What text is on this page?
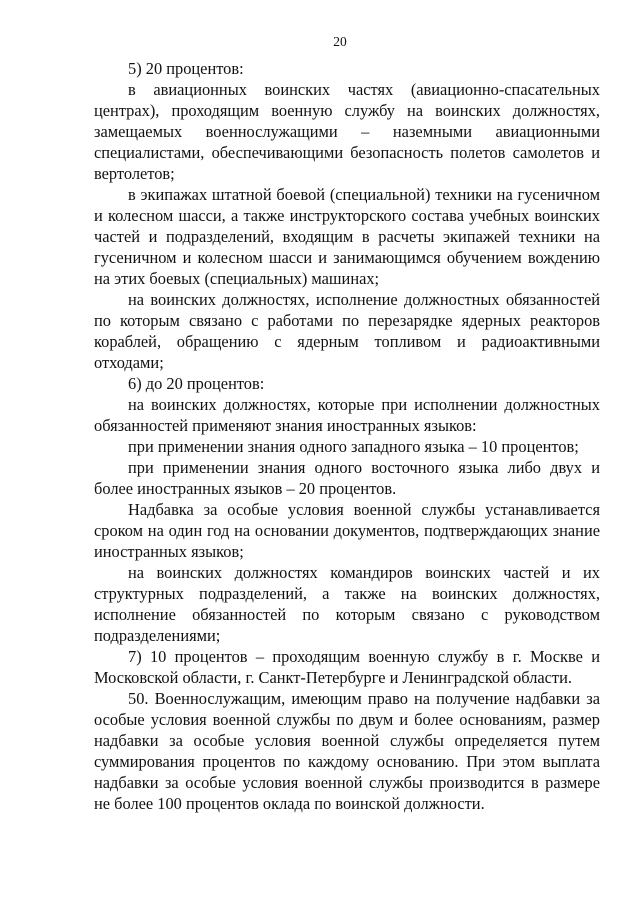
20

5) 20 процентов:

в авиационных воинских частях (авиационно-спасательных центрах), проходящим военную службу на воинских должностях, замещаемых военнослужащими – наземными авиационными специалистами, обеспечивающими безопасность полетов самолетов и вертолетов;

в экипажах штатной боевой (специальной) техники на гусеничном и колесном шасси, а также инструкторского состава учебных воинских частей и подразделений, входящим в расчеты экипажей техники на гусеничном и колесном шасси и занимающимся обучением вождению на этих боевых (специальных) машинах;

на воинских должностях, исполнение должностных обязанностей по которым связано с работами по перезарядке ядерных реакторов кораблей, обращению с ядерным топливом и радиоактивными отходами;

6) до 20 процентов:

на воинских должностях, которые при исполнении должностных обязанностей применяют знания иностранных языков:

при применении знания одного западного языка – 10 процентов;

при применении знания одного восточного языка либо двух и более иностранных языков – 20 процентов.

Надбавка за особые условия военной службы устанавливается сроком на один год на основании документов, подтверждающих знание иностранных языков;

на воинских должностях командиров воинских частей и их структурных подразделений, а также на воинских должностях, исполнение обязанностей по которым связано с руководством подразделениями;

7) 10 процентов – проходящим военную службу в г. Москве и Московской области, г. Санкт-Петербурге и Ленинградской области.

50. Военнослужащим, имеющим право на получение надбавки за особые условия военной службы по двум и более основаниям, размер надбавки за особые условия военной службы определяется путем суммирования процентов по каждому основанию. При этом выплата надбавки за особые условия военной службы производится в размере не более 100 процентов оклада по воинской должности.
